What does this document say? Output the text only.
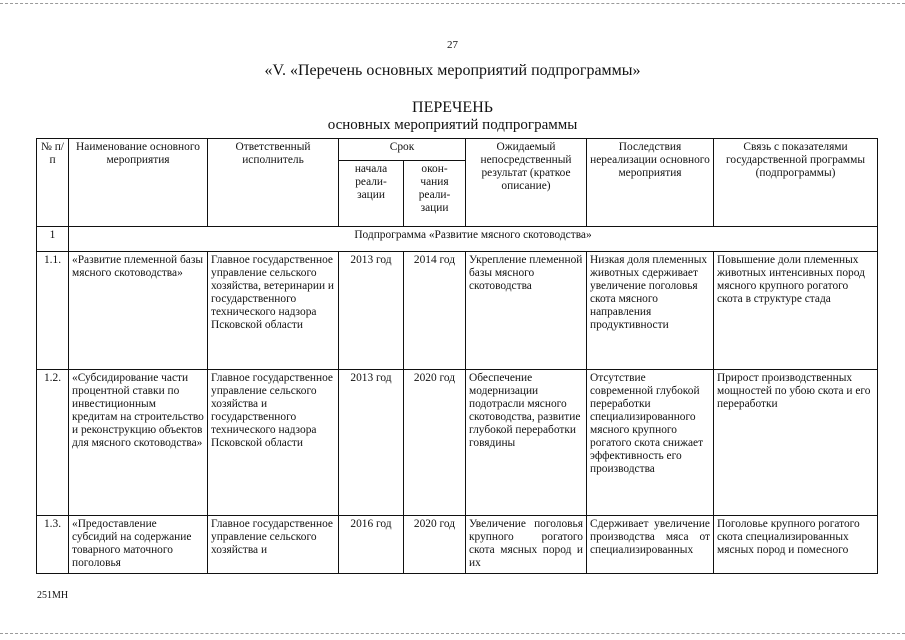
27
«V. «Перечень основных мероприятий подпрограммы»
ПЕРЕЧЕНЬ
основных мероприятий подпрограммы
№ п/п	Наименование основного мероприятия	Ответственный исполнитель	Срок		Ожидаемый непосредственный результат (краткое описание)	Последствия нереализации основного мероприятия	Связь с показателями государственной программы (подпрограммы)
			начала реали- зации	окон- чания реали- зации			
1	Подпрограмма «Развитие мясного скотоводства»						
1.1.	«Развитие племенной базы мясного скотоводства»	Главное государственное управление сельского хозяйства, ветеринарии и государственного технического надзора Псковской области	2013 год	2014 год	Укрепление племенной базы мясного скотоводства	Низкая доля племенных животных сдерживает увеличение поголовья скота мясного направления продуктивности	Повышение доли племенных животных интенсивных пород мясного крупного рогатого скота в структуре стада
1.2.	«Субсидирование части процентной ставки по инвестиционным кредитам на строительство и реконструкцию объектов для мясного скотоводства»	Главное государственное управление сельского хозяйства и государственного технического надзора Псковской области	2013 год	2020 год	Обеспечение модернизации подотрасли мясного скотоводства, развитие глубокой переработки говядины	Отсутствие современной глубокой переработки специализированного мясного крупного рогатого скота снижает эффективность его производства	Прирост производственных мощностей по убою скота и его переработки
1.3.	«Предоставление субсидий на содержание товарного маточного поголовья	Главное государственное управление сельского хозяйства и	2016 год	2020 год	Увеличение поголовья крупного рогатого скота мясных пород и их	Сдерживает увеличение производства мяса от специализированных	Поголовье крупного рогатого скота специализированных мясных пород и помесного
251МН
